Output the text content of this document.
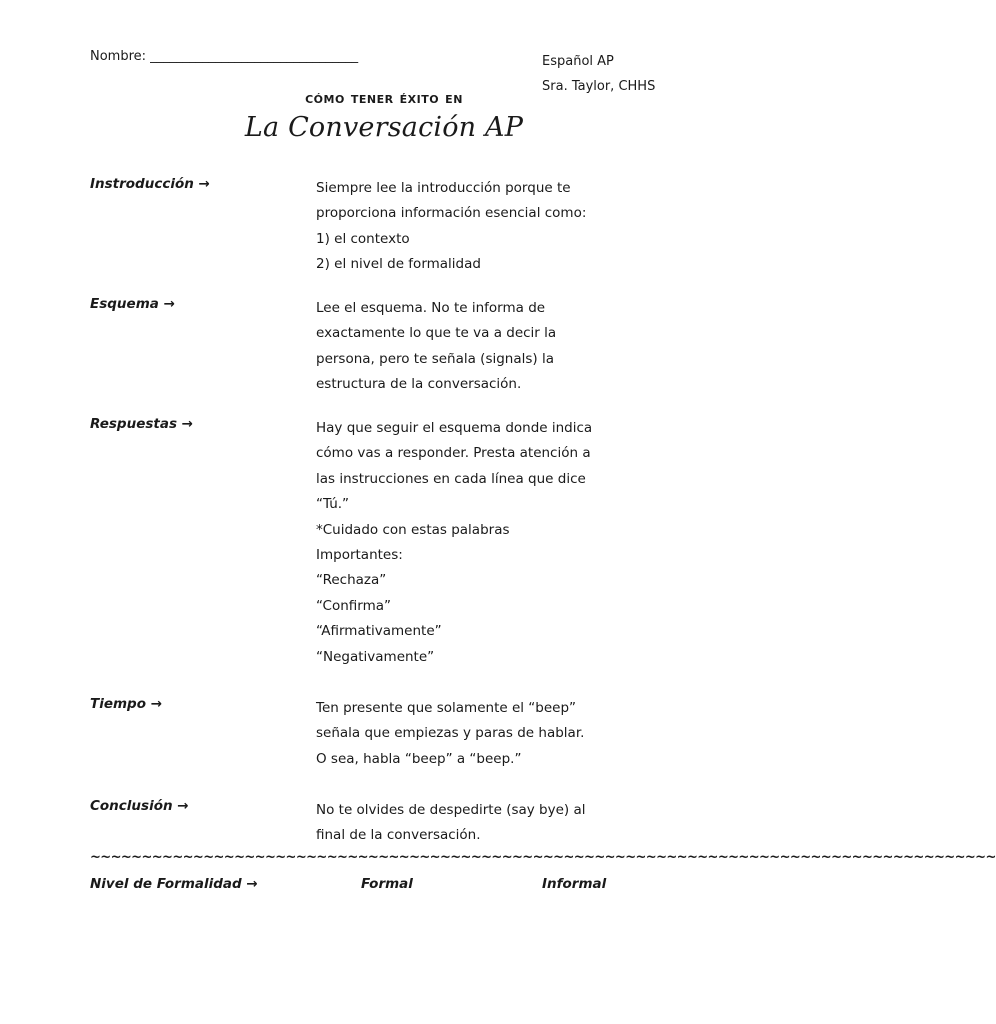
Nombre: ________________________________	Español AP
Sra. Taylor, CHHS
cómo tener éxito en
La Conversación AP
Instroducción →	Siempre lee la introducción porque te
proporciona información esencial como:
1) el contexto
2) el nivel de formalidad
Esquema →	Lee el esquema. No te informa de
exactamente lo que te va a decir la
persona, pero te señala (signals) la
estructura de la conversación.
Respuestas →	Hay que seguir el esquema donde indica
cómo vas a responder. Presta atención a
las instrucciones en cada línea que dice
“Tú.”
*Cuidado con estas palabras
Importantes:
“Rechaza”
“Confirma”
“Afirmativamente”
“Negativamente”
Tiempo →	Ten presente que solamente el “beep”
señala que empiezas y paras de hablar.
O sea, habla “beep” a “beep.”
Conclusión →	No te olvides de despedirte (say bye) al
final de la conversación.
~~~~~~~~~~~~~~~~~~~~~~~~~~~~~~~~~~~~~~~~~~~~~~~~~~~~~~~~~~~~~~~~~~~~~~~~~~~~~~~~~~~~~~~~
Nivel de Formalidad →	Formal	Informal
